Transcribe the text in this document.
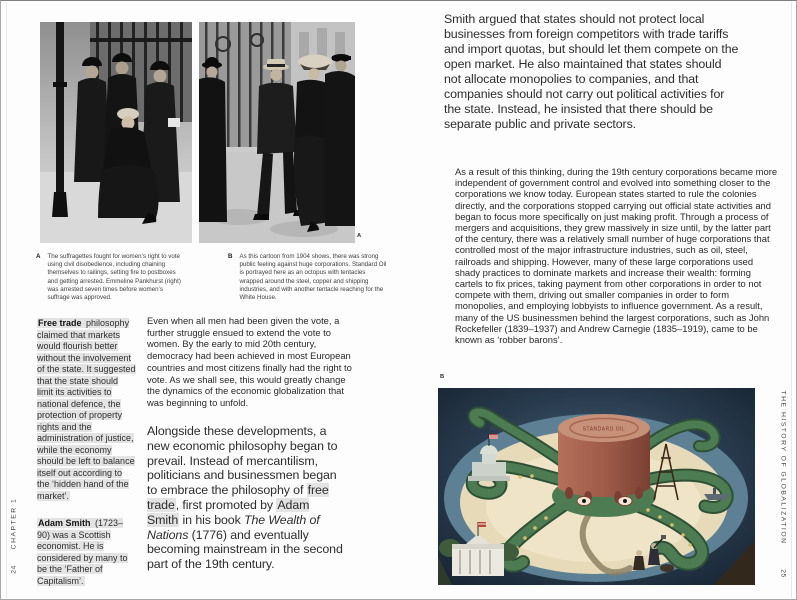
A
A The suffragettes fought for women’s right to vote using civil disobedience, including chaining themselves to railings, setting fire to postboxes and getting arrested. Emmeline Pankhurst (right) was arrested seven times before women’s suffrage was approved.
B As this cartoon from 1904 shows, there was strong public feeling against huge corporations. Standard Oil is portrayed here as an octopus with tentacles wrapped around the steel, copper and shipping industries, and with another tentacle reaching for the White House.
Free trade philosophy claimed that markets would flourish better without the involvement of the state. It suggested that the state should limit its activities to national defence, the protection of property rights and the administration of justice, while the economy should be left to balance itself out according to the ‘hidden hand of the market’.
Adam Smith (1723–90) was a Scottish economist. He is considered by many to be the ‘Father of Capitalism’.
Even when all men had been given the vote, a further struggle ensued to extend the vote to women. By the early to mid 20th century, democracy had been achieved in most European countries and most citizens finally had the right to vote. As we shall see, this would greatly change the dynamics of the economic globalization that was beginning to unfold.
Alongside these developments, a new economic philosophy began to prevail. Instead of mercantilism, politicians and businessmen began to embrace the philosophy of free trade, first promoted by Adam Smith in his book The Wealth of Nations (1776) and eventually becoming mainstream in the second part of the 19th century.
CHAPTER 1
24
Smith argued that states should not protect local businesses from foreign competitors with trade tariffs and import quotas, but should let them compete on the open market. He also maintained that states should not allocate monopolies to companies, and that companies should not carry out political activities for the state. Instead, he insisted that there should be separate public and private sectors.
As a result of this thinking, during the 19th century corporations became more independent of government control and evolved into something closer to the corporations we know today. European states started to rule the colonies directly, and the corporations stopped carrying out official state activities and began to focus more specifically on just making profit. Through a process of mergers and acquisitions, they grew massively in size until, by the latter part of the century, there was a relatively small number of huge corporations that controlled most of the major infrastructure industries, such as oil, steel, railroads and shipping. However, many of these large corporations used shady practices to dominate markets and increase their wealth: forming cartels to fix prices, taking payment from other corporations in order to not compete with them, driving out smaller companies in order to form monopolies, and employing lobbyists to influence government. As a result, many of the US businessmen behind the largest corporations, such as John Rockefeller (1839–1937) and Andrew Carnegie (1835–1919), came to be known as ‘robber barons’.
B
STANDARD OIL	THE HISTORY OF GLOBALIZATION
25
